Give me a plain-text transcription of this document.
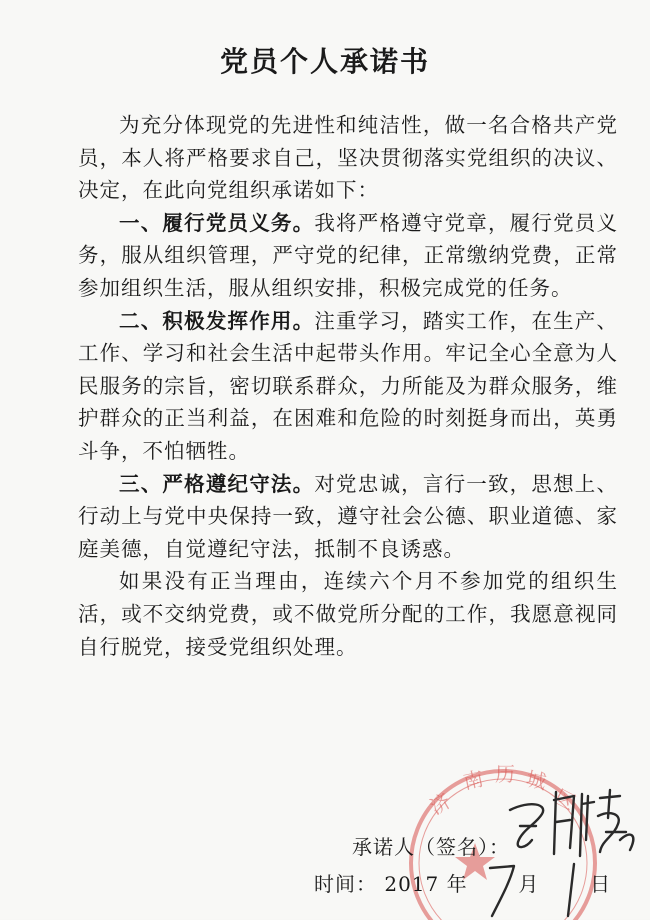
党员个人承诺书

为充分体现党的先进性和纯洁性，做一名合格共产党员，本人将严格要求自己，坚决贯彻落实党组织的决议、决定，在此向党组织承诺如下：

一、履行党员义务。我将严格遵守党章，履行党员义务，服从组织管理，严守党的纪律，正常缴纳党费，正常参加组织生活，服从组织安排，积极完成党的任务。

二、积极发挥作用。注重学习，踏实工作，在生产、工作、学习和社会生活中起带头作用。牢记全心全意为人民服务的宗旨，密切联系群众，力所能及为群众服务，维护群众的正当利益，在困难和危险的时刻挺身而出，英勇斗争，不怕牺牲。

三、严格遵纪守法。对党忠诚，言行一致，思想上、行动上与党中央保持一致，遵守社会公德、职业道德、家庭美德，自觉遵纪守法，抵制不良诱惑。

如果没有正当理由，连续六个月不参加党的组织生活，或不交纳党费，或不做党所分配的工作，我愿意视同自行脱党，接受党组织处理。

济
南 历 城
区
承诺人（签名）：
时间： 2017 年	月	日
